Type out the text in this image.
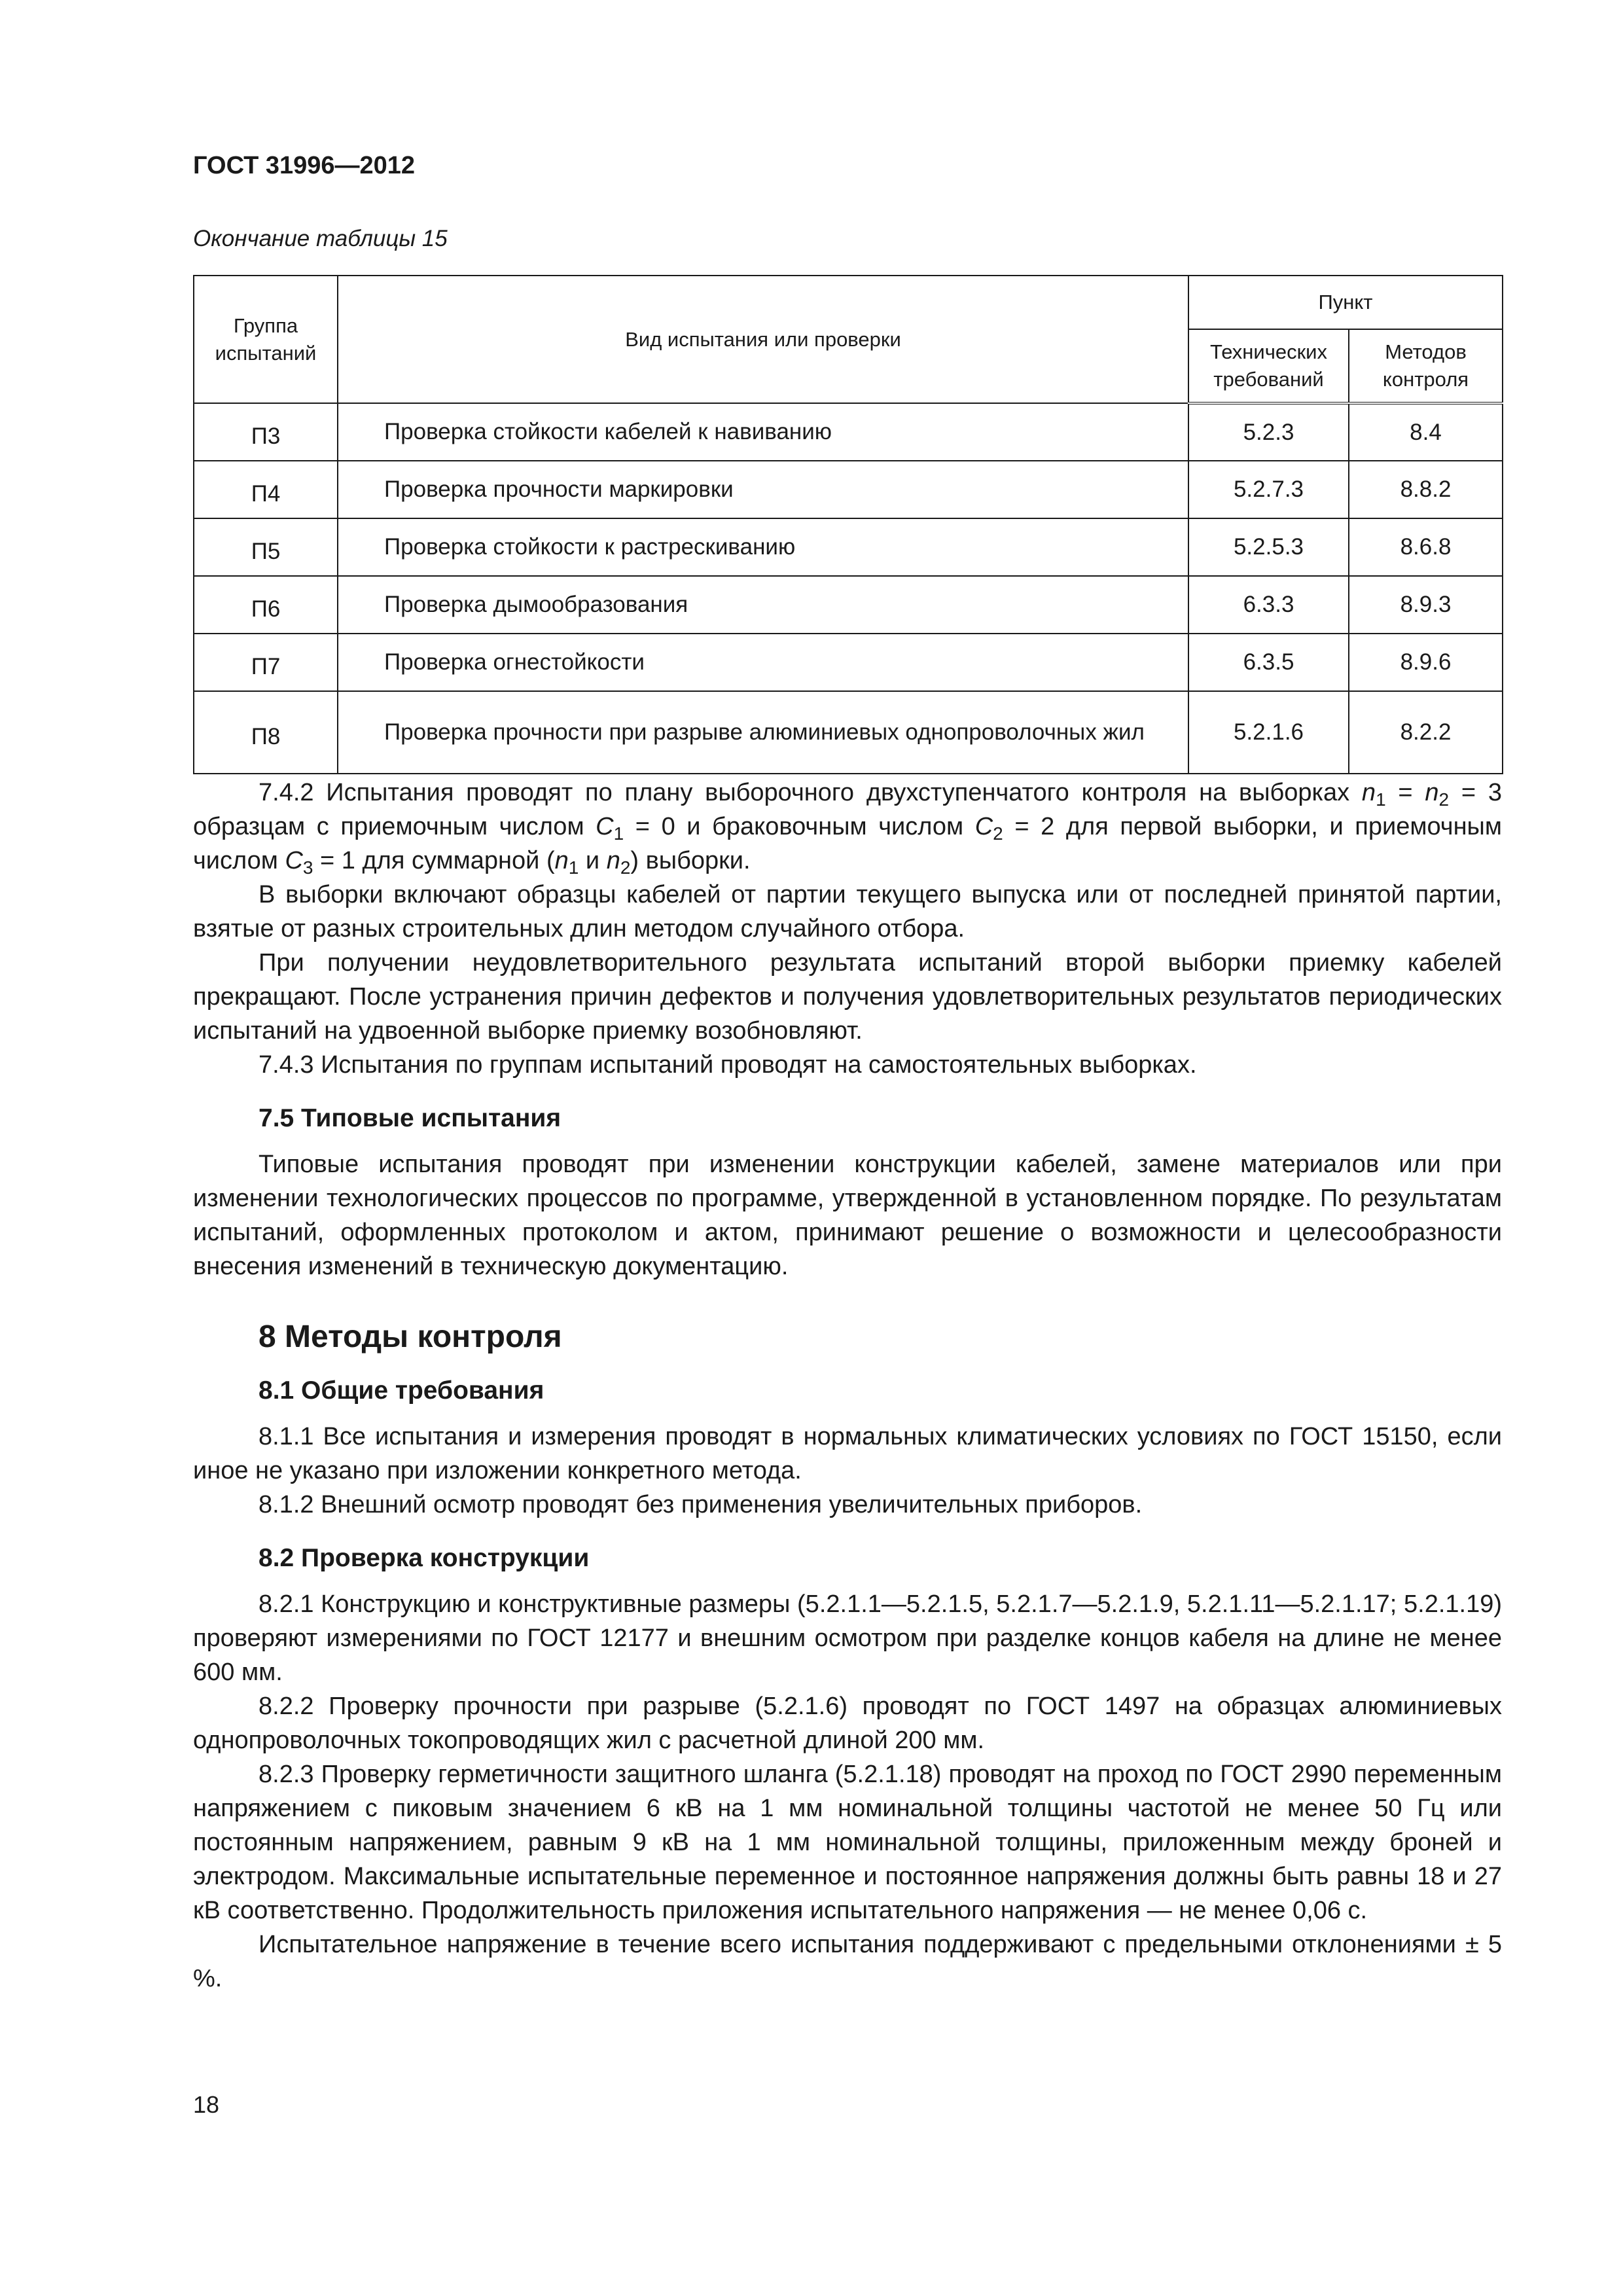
ГОСТ 31996—2012

Окончание таблицы 15

Группа испытаний	Вид испытания или проверки	Пункт	
		Технических требований	Методов контроля
П3	Проверка стойкости кабелей к навиванию	5.2.3	8.4
П4	Проверка прочности маркировки	5.2.7.3	8.8.2
П5	Проверка стойкости к растрескиванию	5.2.5.3	8.6.8
П6	Проверка дымообразования	6.3.3	8.9.3
П7	Проверка огнестойкости	6.3.5	8.9.6
П8	Проверка прочности при разрыве алюминиевых однопроволочных жил	5.2.1.6	8.2.2

7.4.2 Испытания проводят по плану выборочного двухступенчатого контроля на выборках $n_1 = n_2 = 3$ образцам с приемочным числом $C_1 = 0$ и браковочным числом $C_2 = 2$ для первой выборки, и приемочным числом $C_3 = 1$ для суммарной ($n_1$ и $n_2$) выборки.

В выборки включают образцы кабелей от партии текущего выпуска или от последней принятой партии, взятые от разных строительных длин методом случайного отбора.

При получении неудовлетворительного результата испытаний второй выборки приемку кабелей прекращают. После устранения причин дефектов и получения удовлетворительных результатов периодических испытаний на удвоенной выборке приемку возобновляют.

7.4.3 Испытания по группам испытаний проводят на самостоятельных выборках.

7.5 Типовые испытания

Типовые испытания проводят при изменении конструкции кабелей, замене материалов или при изменении технологических процессов по программе, утвержденной в установленном порядке. По результатам испытаний, оформленных протоколом и актом, принимают решение о возможности и целесообразности внесения изменений в техническую документацию.

8 Методы контроля
8.1 Общие требования

8.1.1 Все испытания и измерения проводят в нормальных климатических условиях по ГОСТ 15150, если иное не указано при изложении конкретного метода.

8.1.2 Внешний осмотр проводят без применения увеличительных приборов.

8.2 Проверка конструкции

8.2.1 Конструкцию и конструктивные размеры (5.2.1.1—5.2.1.5, 5.2.1.7—5.2.1.9, 5.2.1.11—5.2.1.17; 5.2.1.19) проверяют измерениями по ГОСТ 12177 и внешним осмотром при разделке концов кабеля на длине не менее 600 мм.

8.2.2 Проверку прочности при разрыве (5.2.1.6) проводят по ГОСТ 1497 на образцах алюминиевых однопроволочных токопроводящих жил с расчетной длиной 200 мм.

8.2.3 Проверку герметичности защитного шланга (5.2.1.18) проводят на проход по ГОСТ 2990 переменным напряжением с пиковым значением 6 кВ на 1 мм номинальной толщины частотой не менее 50 Гц или постоянным напряжением, равным 9 кВ на 1 мм номинальной толщины, приложенным между броней и электродом. Максимальные испытательные переменное и постоянное напряжения должны быть равны 18 и 27 кВ соответственно. Продолжительность приложения испытательного напряжения — не менее 0,06 с.

Испытательное напряжение в течение всего испытания поддерживают с предельными отклонениями ± 5 %.

18
